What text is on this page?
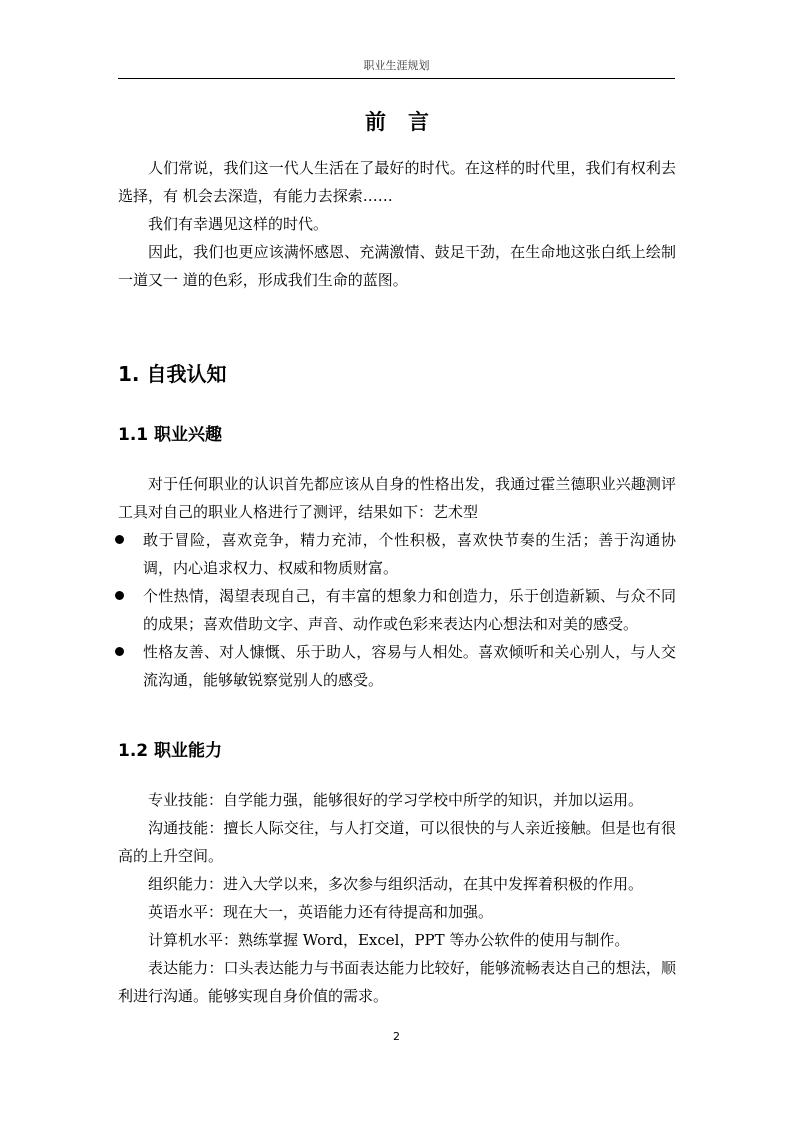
职业生涯规划
前言

人们常说，我们这一代人生活在了最好的时代。在这样的时代里，我们有权利去选择，有 机会去深造，有能力去探索……

我们有幸遇见这样的时代。

因此，我们也更应该满怀感恩、充满激情、鼓足干劲，在生命地这张白纸上绘制一道又一 道的色彩，形成我们生命的蓝图。

1. 自我认知
1.1 职业兴趣

对于任何职业的认识首先都应该从自身的性格出发，我通过霍兰德职业兴趣测评工具对自己的职业人格进行了测评，结果如下：艺术型

敢于冒险，喜欢竞争，精力充沛，个性积极，喜欢快节奏的生活；善于沟通协调，内心追求权力、权威和物质财富。
个性热情，渴望表现自己，有丰富的想象力和创造力，乐于创造新颖、与众不同的成果；喜欢借助文字、声音、动作或色彩来表达内心想法和对美的感受。
性格友善、对人慷慨、乐于助人，容易与人相处。喜欢倾听和关心别人，与人交流沟通，能够敏锐察觉别人的感受。
1.2 职业能力

专业技能：自学能力强，能够很好的学习学校中所学的知识，并加以运用。

沟通技能：擅长人际交往，与人打交道，可以很快的与人亲近接触。但是也有很高的上升空间。

组织能力：进入大学以来，多次参与组织活动，在其中发挥着积极的作用。

英语水平：现在大一，英语能力还有待提高和加强。

计算机水平：熟练掌握 Word，Excel，PPT 等办公软件的使用与制作。

表达能力：口头表达能力与书面表达能力比较好，能够流畅表达自己的想法，顺利进行沟通。能够实现自身价值的需求。

2
